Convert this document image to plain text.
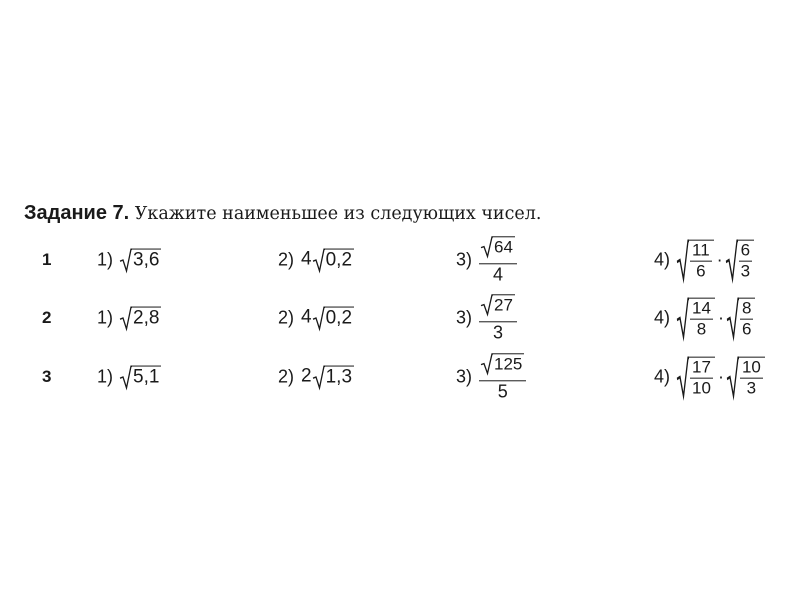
Задание 7. Укажите наименьшее из следующих чисел.
1	1) 3,6	2) 4 0,2	$3) \frac{64}{4}$	$4) \frac{11}{6} \cdot \frac{6}{3}$
2	1) 2,8	2) 4 0,2	$3) \frac{27}{3}$	$4) \frac{14}{8} \cdot \frac{8}{6}$
3	1) 5,1	2) 2 1,3	$3) \frac{125}{5}$	$4) \frac{17}{10} \cdot \frac{10}{3}$
